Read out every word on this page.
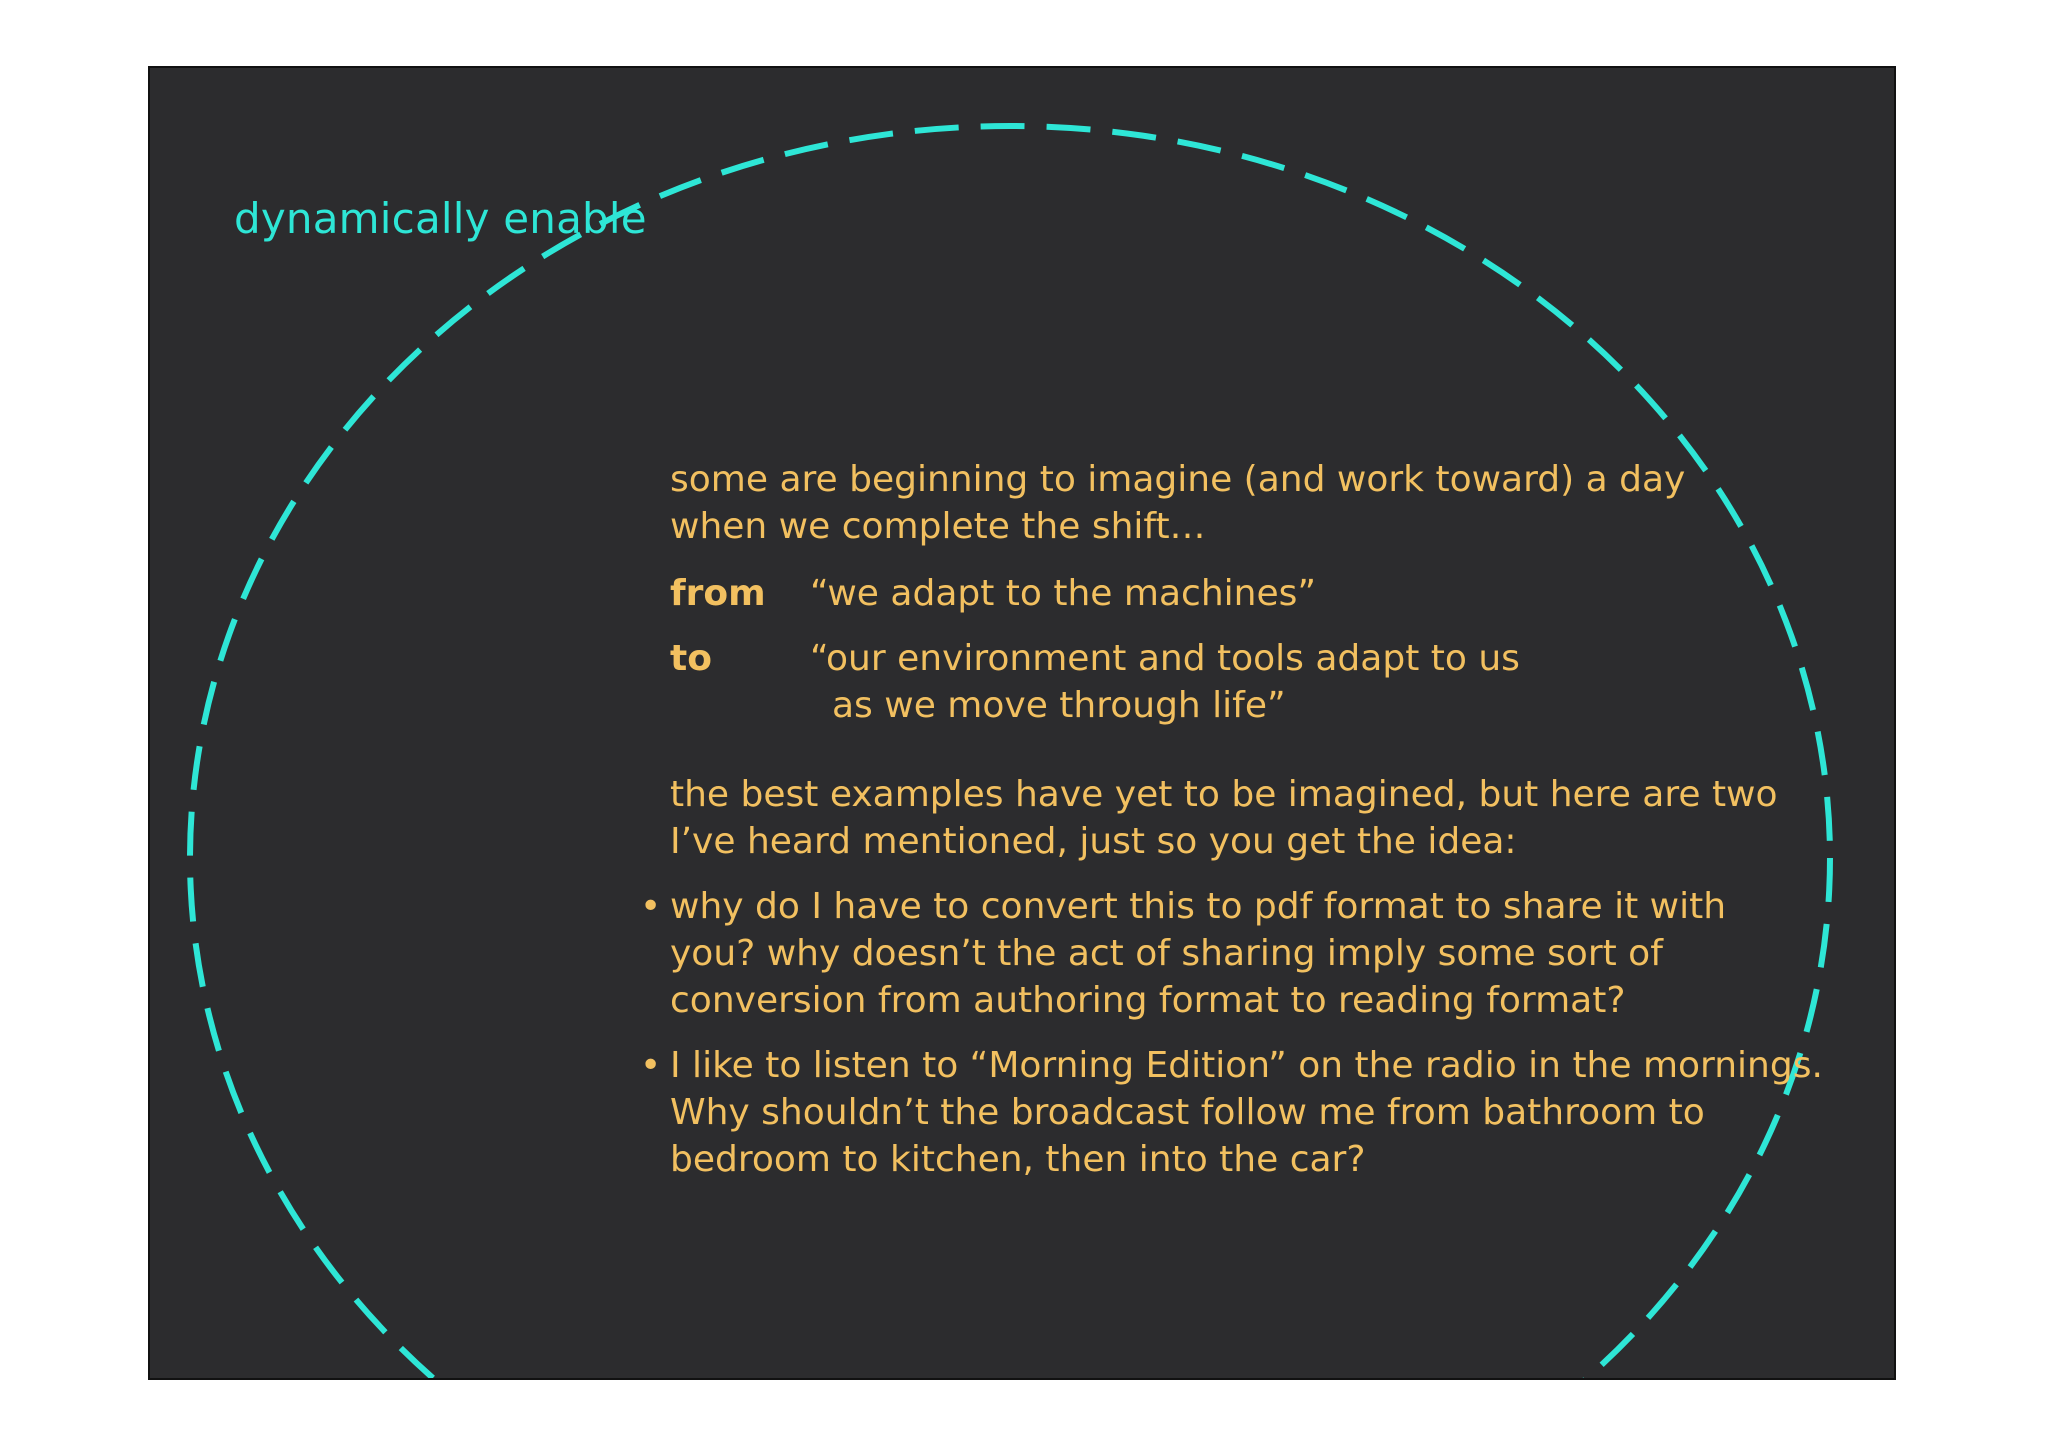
dynamically enable

some are beginning to imagine (and work toward) a day
when we complete the shift…

from “we adapt to the machines”
to	“our environment and tools adapt to us
as we move through life”

the best examples have yet to be imagined, but here are two
I’ve heard mentioned, just so you get the idea:

• why do I have to convert this to pdf format to share it with
you? why doesn’t the act of sharing imply some sort of
conversion from authoring format to reading format?
• I like to listen to “Morning Edition” on the radio in the mornings.
Why shouldn’t the broadcast follow me from bathroom to
bedroom to kitchen, then into the car?
